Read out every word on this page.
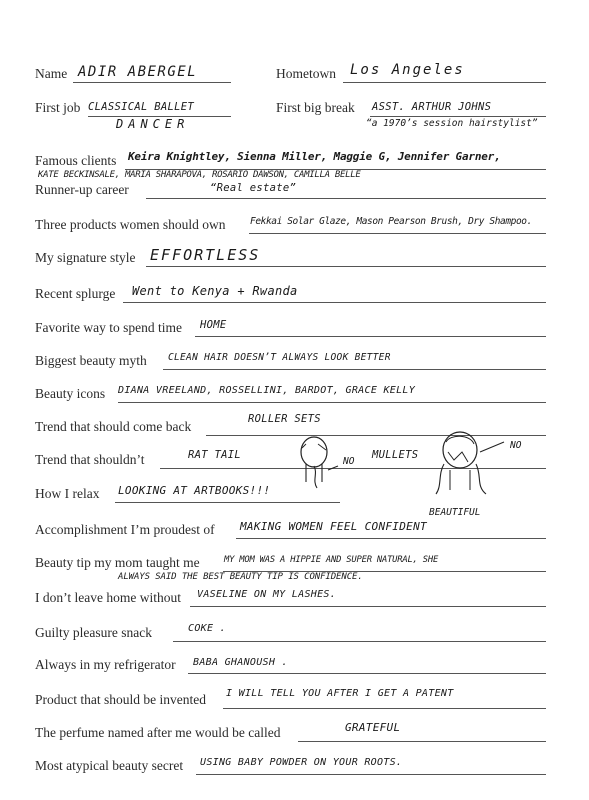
Name ADIR ABERGEL	Hometown Los Angeles
First job CLASSICAL BALLET
DANCER
First big break ASST. ARTHUR JOHNS
“a 1970’s session hairstylist”
Famous clients Keira Knightley, Sienna Miller, Maggie G, Jennifer Garner,
KATE BECKINSALE, MARIA SHARAPOVA, ROSARIO DAWSON, CAMILLA BELLE
Runner-up career	“Real estate”
Three products women should own	Fekkai Solar Glaze, Mason Pearson Brush, Dry Shampoo.
My signature style EFFORTLESS
Recent splurge Went to Kenya + Rwanda
Favorite way to spend time HOME
Biggest beauty myth CLEAN HAIR DOESN’T ALWAYS LOOK BETTER
Beauty icons DIANA VREELAND, ROSSELLINI, BARDOT, GRACE KELLY
Trend that should come back	ROLLER SETS
Trend that shouldn’t	RAT TAIL
NO
MULLETS
NO
How I relax LOOKING AT ARTBOOKS!!!
BEAUTIFUL
Accomplishment I’m proudest of MAKING WOMEN FEEL CONFIDENT
Beauty tip my mom taught me	MY MOM WAS A HIPPIE AND SUPER NATURAL, SHE
ALWAYS SAID THE BEST BEAUTY TIP IS CONFIDENCE.
I don’t leave home without VASELINE ON MY LASHES.
Guilty pleasure snack	COKE .
Always in my refrigerator BABA GHANOUSH .
Product that should be invented I WILL TELL YOU AFTER I GET A PATENT
The perfume named after me would be called	GRATEFUL
Most atypical beauty secret USING BABY POWDER ON YOUR ROOTS.
